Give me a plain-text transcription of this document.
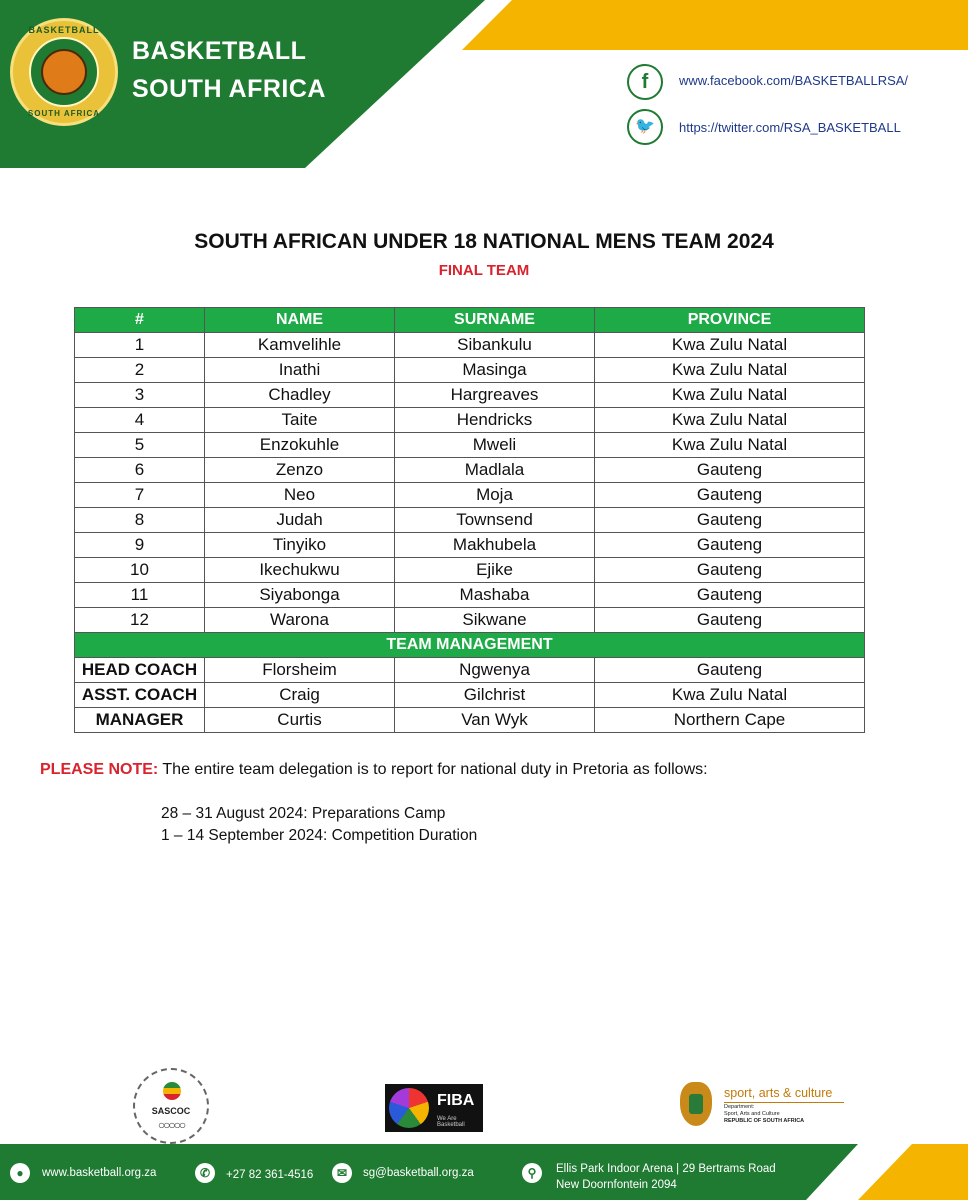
BASKETBALL
SOUTH AFRICA
BASKETBALL
SOUTH AFRICA	f	www.facebook.com/BASKETBALLRSA/
🐦	https://twitter.com/RSA_BASKETBALL
SOUTH AFRICAN UNDER 18 NATIONAL MENS TEAM 2024
FINAL TEAM
#	NAME	SURNAME	PROVINCE
1	Kamvelihle	Sibankulu	Kwa Zulu Natal
2	Inathi	Masinga	Kwa Zulu Natal
3	Chadley	Hargreaves	Kwa Zulu Natal
4	Taite	Hendricks	Kwa Zulu Natal
5	Enzokuhle	Mweli	Kwa Zulu Natal
6	Zenzo	Madlala	Gauteng
7	Neo	Moja	Gauteng
8	Judah	Townsend	Gauteng
9	Tinyiko	Makhubela	Gauteng
10	Ikechukwu	Ejike	Gauteng
11	Siyabonga	Mashaba	Gauteng
12	Warona	Sikwane	Gauteng
TEAM MANAGEMENT			
HEAD COACH	Florsheim	Ngwenya	Gauteng
ASST. COACH	Craig	Gilchrist	Kwa Zulu Natal
MANAGER	Curtis	Van Wyk	Northern Cape
PLEASE NOTE: The entire team delegation is to report for national duty in Pretoria as follows:
28 – 31 August 2024: Preparations Camp
1 – 14 September 2024: Competition Duration
SASCOC
○○○○○
FIBA
We Are Basketball
sport, arts & culture
Department:
Sport, Arts and Culture
REPUBLIC OF SOUTH AFRICA
●	www.basketball.org.za	✆	+27 82 361-4516	✉	sg@basketball.org.za	⚲	Ellis Park Indoor Arena | 29 Bertrams Road
New Doornfontein 2094
